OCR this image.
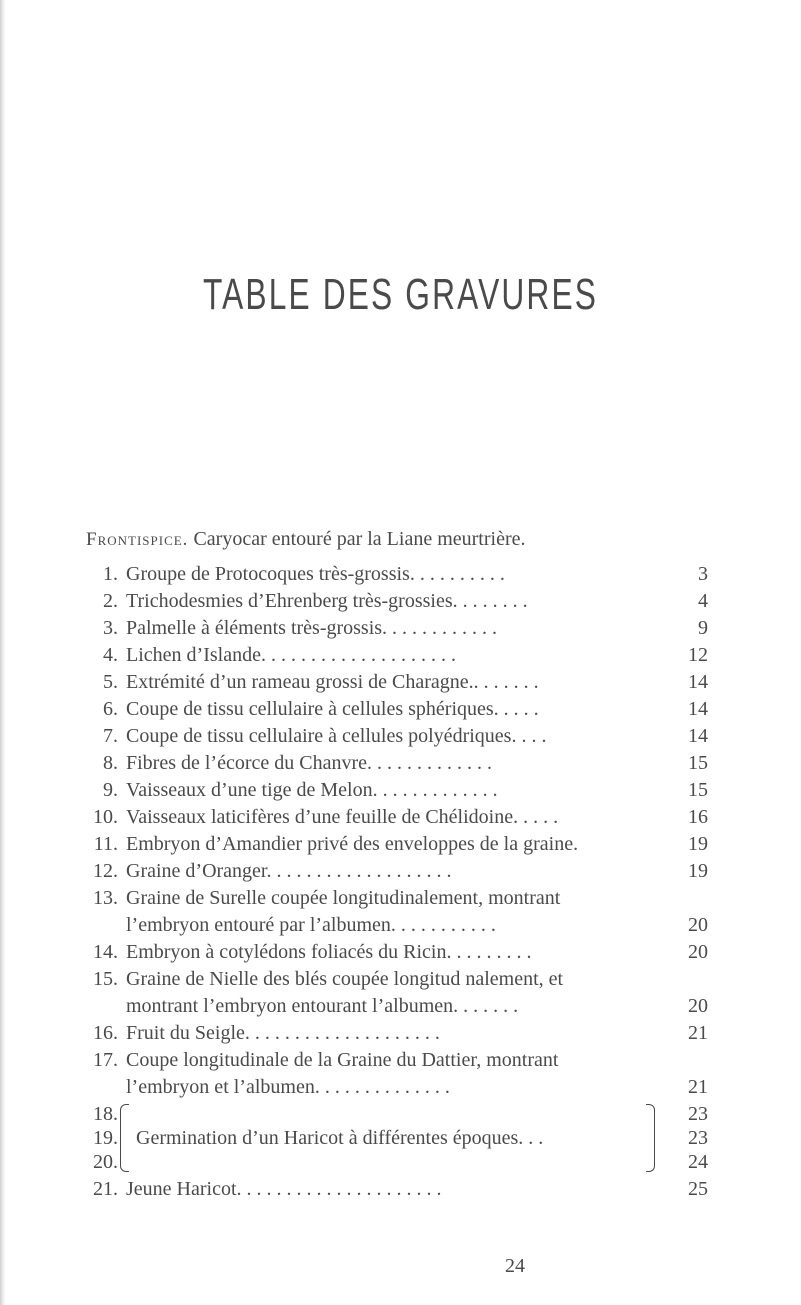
TABLE DES GRAVURES
Frontispice. Caryocar entouré par la Liane meurtrière.
1. Groupe de Protocoques très-grossis. . . . . . . . . .	3
2. Trichodesmies d’Ehrenberg très-grossies. . . . . . . .	4
3. Palmelle à éléments très-grossis. . . . . . . . . . . .	9
4. Lichen d’Islande. . . . . . . . . . . . . . . . . . . .	12
5. Extrémité d’un rameau grossi de Charagne.. . . . . . .	14
6. Coupe de tissu cellulaire à cellules sphériques. . . . .	14
7. Coupe de tissu cellulaire à cellules polyédriques. . . .	14
8. Fibres de l’écorce du Chanvre. . . . . . . . . . . . .	15
9. Vaisseaux d’une tige de Melon. . . . . . . . . . . . .	15
10. Vaisseaux laticifères d’une feuille de Chélidoine. . . . .	16
11. Embryon d’Amandier privé des enveloppes de la graine.	19
12. Graine d’Oranger. . . . . . . . . . . . . . . . . . .	19
13. Graine de Surelle coupée longitudinalement, montrant
l’embryon entouré par l’albumen. . . . . . . . . . .	20
14. Embryon à cotylédons foliacés du Ricin. . . . . . . . .	20
15. Graine de Nielle des blés coupée longitud nalement, et
montrant l’embryon entourant l’albumen. . . . . . .	20
16. Fruit du Seigle. . . . . . . . . . . . . . . . . . . .	21
17. Coupe longitudinale de la Graine du Dattier, montrant
l’embryon et l’albumen. . . . . . . . . . . . . .	21
18.	23
19. Germination d’un Haricot à différentes époques. . .	23
20.	24
21. Jeune Haricot. . . . . . . . . . . . . . . . . . . . .	25
24
